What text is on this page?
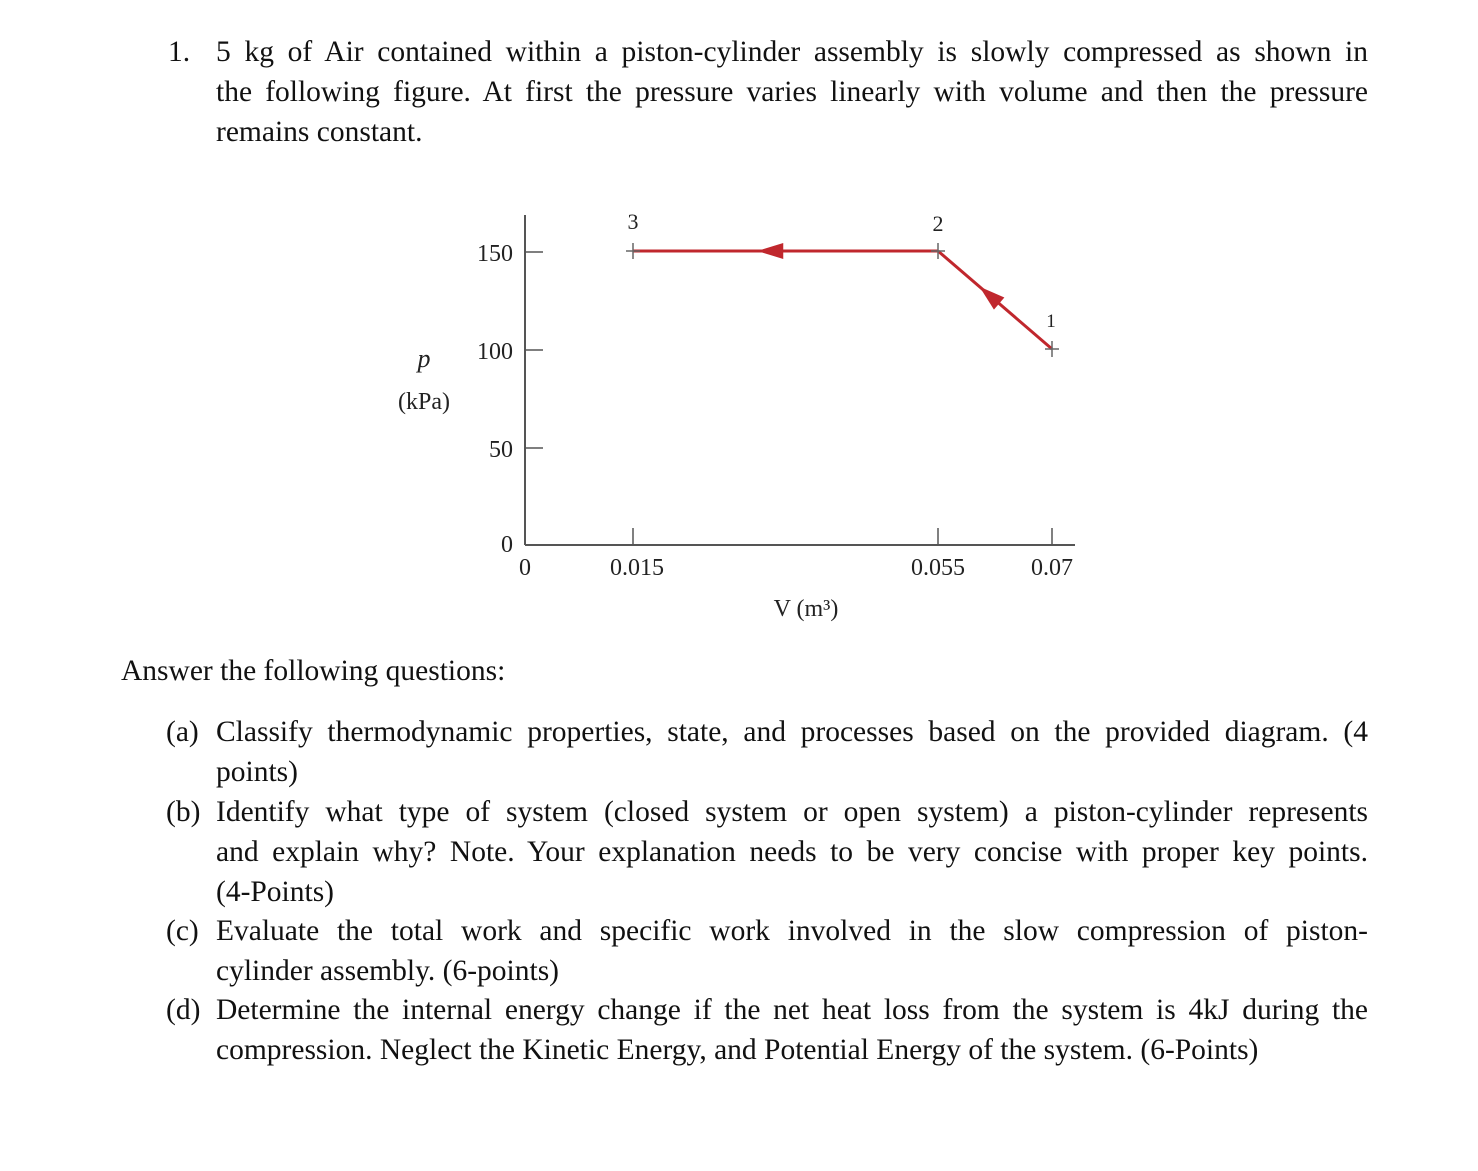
1. 5 kg of Air contained within a piston-cylinder assembly is slowly compressed as shown in
the following figure. At first the pressure varies linearly with volume and then the pressure
remains constant.
150
100
50
0
0	0.015	0.055	0.07
p
(kPa)
V (m³)
3	2
1
Answer the following questions:
(a) Classify thermodynamic properties, state, and processes based on the provided diagram. (4
points)
(b) Identify what type of system (closed system or open system) a piston-cylinder represents
and explain why? Note. Your explanation needs to be very concise with proper key points.
(4-Points)
(c) Evaluate the total work and specific work involved in the slow compression of piston-
cylinder assembly. (6-points)
(d) Determine the internal energy change if the net heat loss from the system is 4kJ during the
compression. Neglect the Kinetic Energy, and Potential Energy of the system. (6-Points)
